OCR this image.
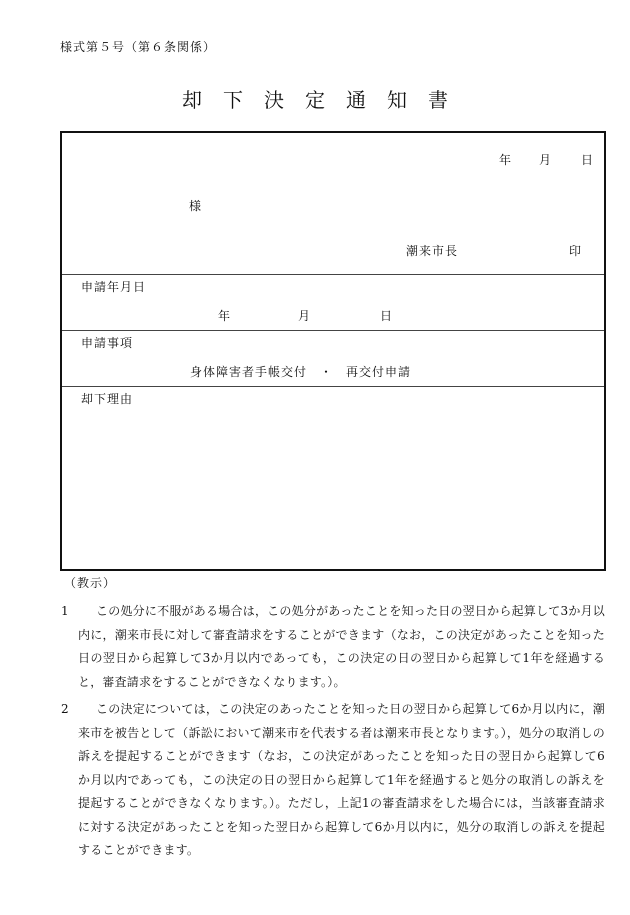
様式第５号（第６条関係）
却下決定通知書
年 月 日
様
潮来市長	印
申請年月日
年	月	日
申請事項
身体障害者手帳交付　・　再交付申請
却下理由
（教示）
1	この処分に不服がある場合は，この処分があったことを知った日の翌日から起算して3か月以内に，潮来市長に対して審査請求をすることができます（なお，この決定があったことを知った日の翌日から起算して3か月以内であっても，この決定の日の翌日から起算して1年を経過すると，審査請求をすることができなくなります。）。
2	この決定については，この決定のあったことを知った日の翌日から起算して6か月以内に，潮来市を被告として（訴訟において潮来市を代表する者は潮来市長となります。），処分の取消しの訴えを提起することができます（なお，この決定があったことを知った日の翌日から起算して6か月以内であっても，この決定の日の翌日から起算して1年を経過すると処分の取消しの訴えを提起することができなくなります。）。ただし，上記1の審査請求をした場合には，当該審査請求に対する決定があったことを知った翌日から起算して6か月以内に，処分の取消しの訴えを提起することができます。
